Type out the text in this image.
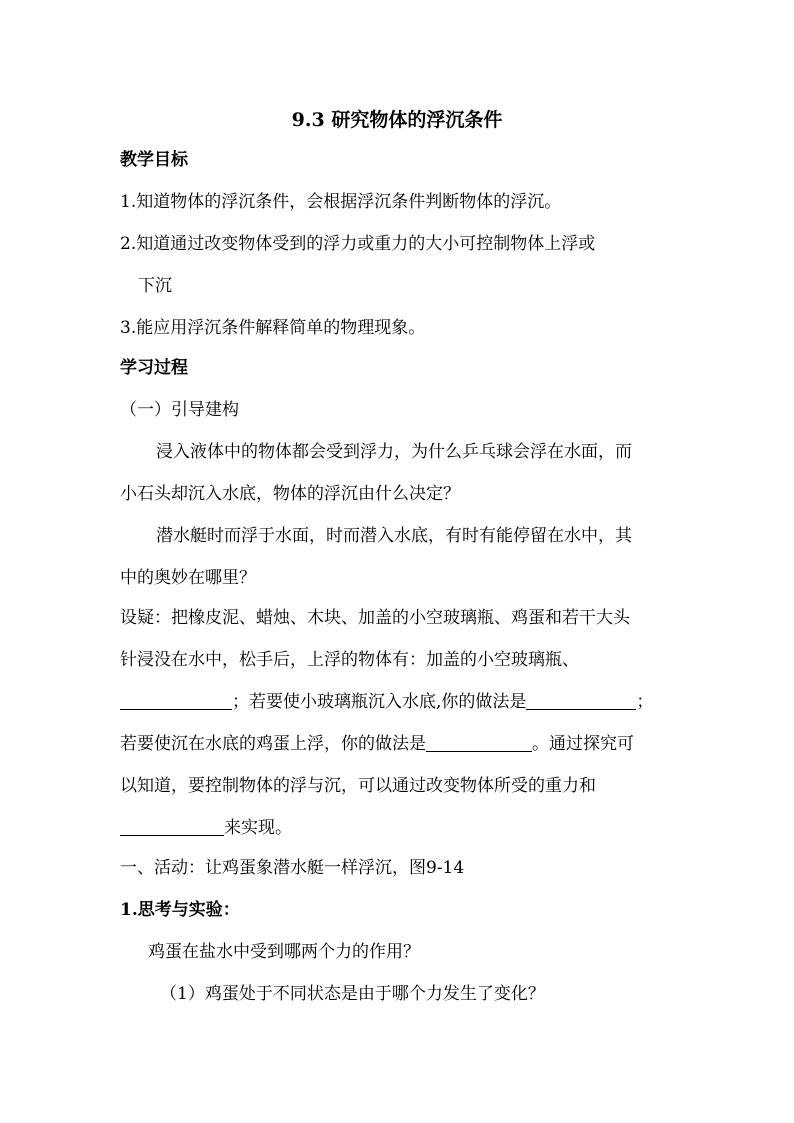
9.3 研究物体的浮沉条件
教学目标
1.知道物体的浮沉条件，会根据浮沉条件判断物体的浮沉。
2.知道通过改变物体受到的浮力或重力的大小可控制物体上浮或
下沉
3.能应用浮沉条件解释简单的物理现象。
学习过程
（一）引导建构
浸入液体中的物体都会受到浮力，为什么乒乓球会浮在水面，而
小石头却沉入水底，物体的浮沉由什么决定？
潜水艇时而浮于水面，时而潜入水底，有时有能停留在水中，其
中的奥妙在哪里？
设疑：把橡皮泥、蜡烛、木块、加盖的小空玻璃瓶、鸡蛋和若干大头
针浸没在水中，松手后，上浮的物体有：加盖的小空玻璃瓶、
；若要使小玻璃瓶沉入水底,你的做法是	；
若要使沉在水底的鸡蛋上浮，你的做法是	。通过探究可
以知道，要控制物体的浮与沉，可以通过改变物体所受的重力和
来实现。
一、活动：让鸡蛋象潜水艇一样浮沉，图9-14
1.思考与实验：
鸡蛋在盐水中受到哪两个力的作用？
（1）鸡蛋处于不同状态是由于哪个力发生了变化？
